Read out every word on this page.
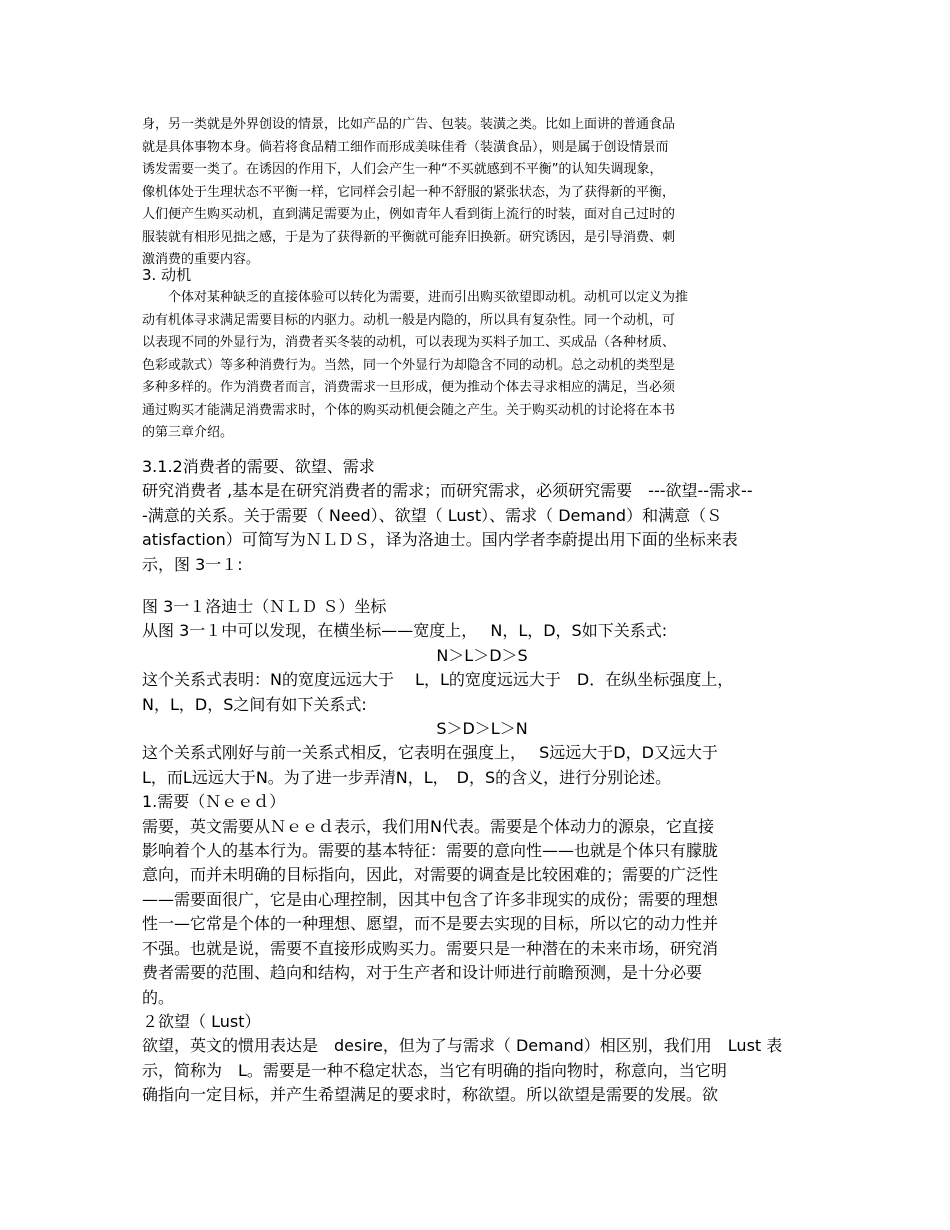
身，另一类就是外界创设的情景，比如产品的广告、包装。装潢之类。比如上面讲的普通食品

就是具体事物本身。倘若将食品精工细作而形成美味佳肴（装潢食品），则是属于创设情景而

诱发需要一类了。在诱因的作用下，人们会产生一种“不买就感到不平衡”的认知失调现象，

像机体处于生理状态不平衡一样，它同样会引起一种不舒服的紧张状态，为了获得新的平衡，

人们便产生购买动机，直到满足需要为止，例如青年人看到街上流行的时装，面对自己过时的

服装就有相形见拙之感，于是为了获得新的平衡就可能弃旧换新。研究诱因，是引导消费、刺

激消费的重要内容。

3. 动机

个体对某种缺乏的直接体验可以转化为需要，进而引出购买欲望即动机。动机可以定义为推

动有机体寻求满足需要目标的内驱力。动机一般是内隐的，所以具有复杂性。同一个动机，可

以表现不同的外显行为，消费者买冬装的动机，可以表现为买料子加工、买成品（各种材质、

色彩或款式）等多种消费行为。当然，同一个外显行为却隐含不同的动机。总之动机的类型是

多种多样的。作为消费者而言，消费需求一旦形成，便为推动个体去寻求相应的满足，当必须

通过购买才能满足消费需求时，个体的购买动机便会随之产生。关于购买动机的讨论将在本书

的第三章介绍。

3.1.2消费者的需要、欲望、需求

研究消费者 ,基本是在研究消费者的需求；而研究需求，必须研究需要　---欲望--需求--

-满意的关系。关于需要（ Need）、欲望（ Lust）、需求（ Demand）和满意（Ｓ

atisfaction）可简写为ＮＬＤＳ，译为洛迪士。国内学者李蔚提出用下面的坐标来表

示，图 3一１:

图 3一１洛迪士（ＮＬＤ Ｓ）坐标

从图 3一１中可以发现，在横坐标——宽度上，　 N，L，D，S如下关系式:

N＞L＞D＞S

这个关系式表明：N的宽度远远大于　 L，L的宽度远远大于　D．在纵坐标强度上，

N，L，D，S之间有如下关系式:

S＞D＞L＞N

这个关系式刚好与前一关系式相反，它表明在强度上，　 S远远大于D，D又远大于

L，而L远远大于N。为了进一步弄清N，L，　D，S的含义，进行分别论述。

1.需要（Ｎｅｅｄ）

需要，英文需要从Ｎｅｅｄ表示，我们用N代表。需要是个体动力的源泉，它直接

影响着个人的基本行为。需要的基本特征：需要的意向性——也就是个体只有朦胧

意向，而并未明确的目标指向，因此，对需要的调查是比较困难的；需要的广泛性

——需要面很广，它是由心理控制，因其中包含了许多非现实的成份；需要的理想

性一—它常是个体的一种理想、愿望，而不是要去实现的目标，所以它的动力性并

不强。也就是说，需要不直接形成购买力。需要只是一种潜在的未来市场，研究消

费者需要的范围、趋向和结构，对于生产者和设计师进行前瞻预测，是十分必要

的。

２欲望（ Lust）

欲望，英文的惯用表达是　desire，但为了与需求（ Demand）相区别，我们用　Lust 表

示，简称为　L。需要是一种不稳定状态，当它有明确的指向物时，称意向，当它明

确指向一定目标，并产生希望满足的要求时，称欲望。所以欲望是需要的发展。欲
